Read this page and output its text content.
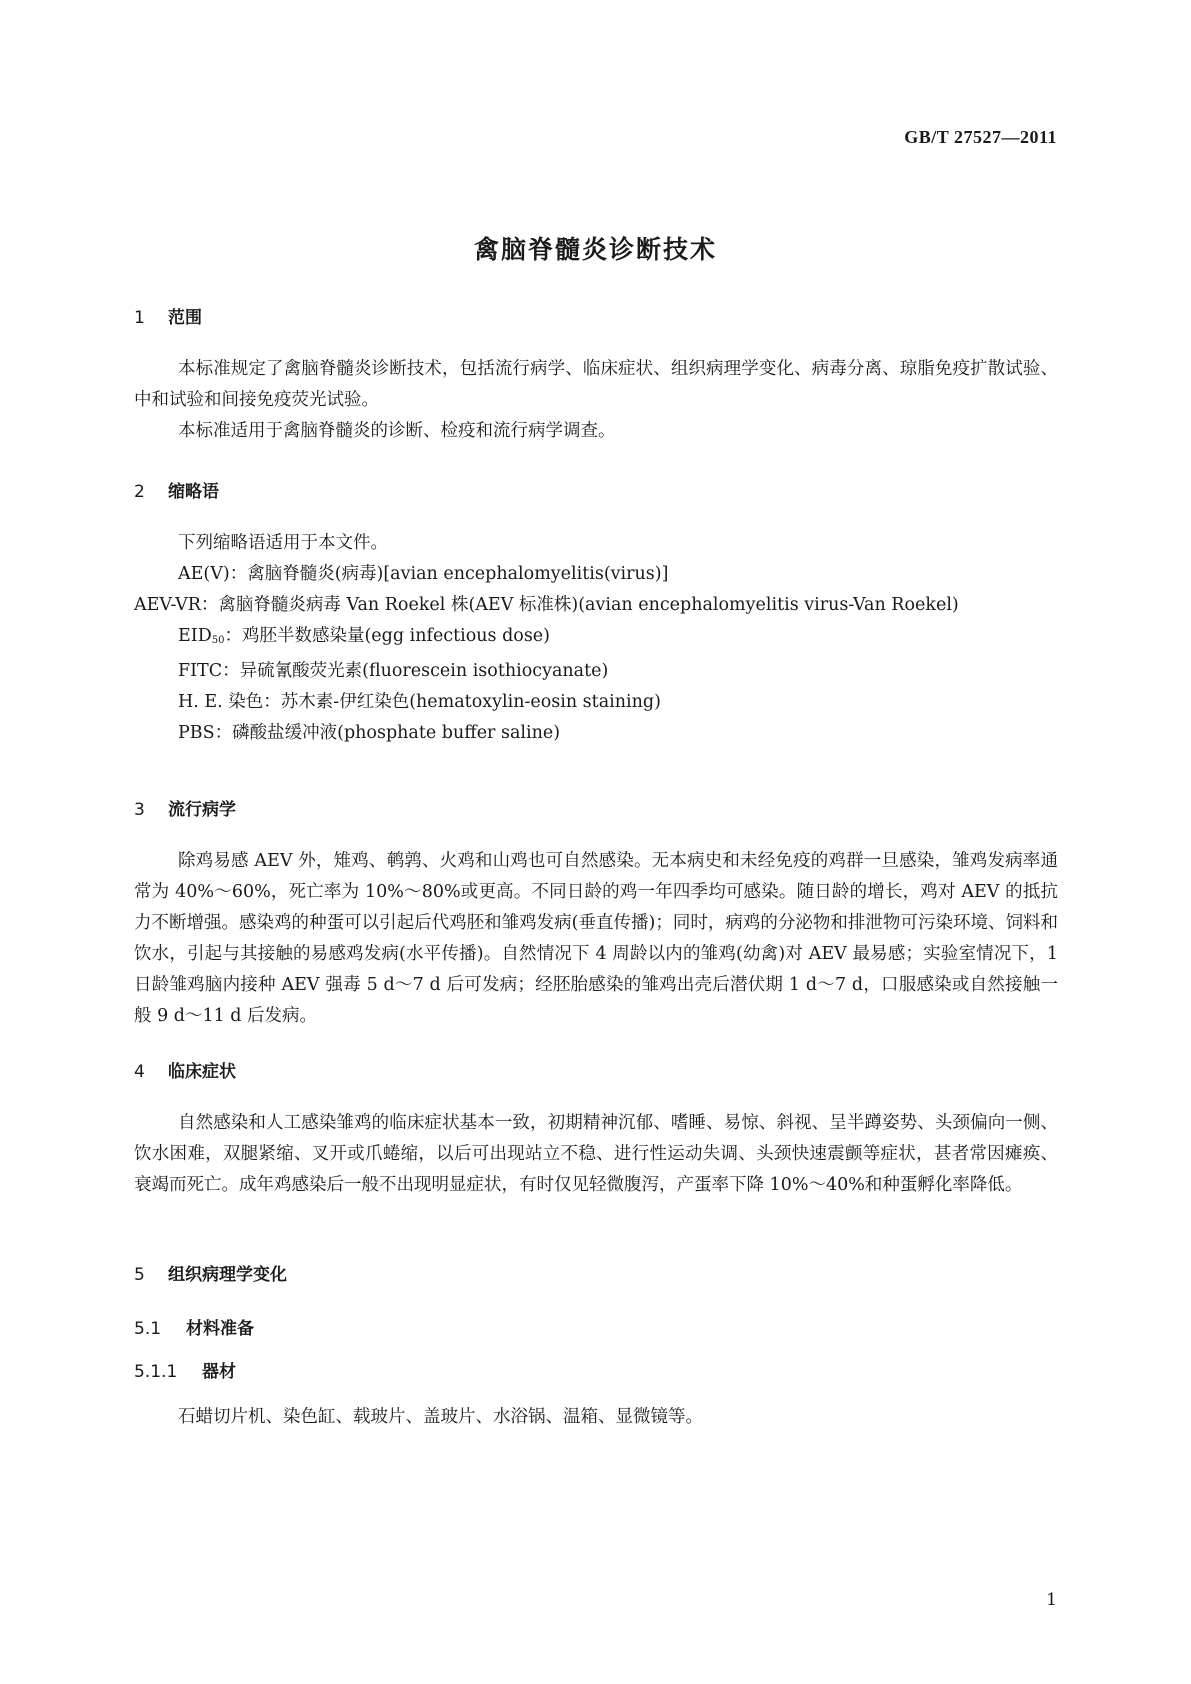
GB/T 27527—2011
禽脑脊髓炎诊断技术
1 范围

本标准规定了禽脑脊髓炎诊断技术，包括流行病学、临床症状、组织病理学变化、病毒分离、琼脂免疫扩散试验、中和试验和间接免疫荧光试验。

本标准适用于禽脑脊髓炎的诊断、检疫和流行病学调查。

2 缩略语
下列缩略语适用于本文件。
AE(V)：禽脑脊髓炎(病毒)[avian encephalomyelitis(virus)]
AEV-VR：禽脑脊髓炎病毒 Van Roekel 株(AEV 标准株)(avian encephalomyelitis virus-Van Roekel)
$EID_{50}$：鸡胚半数感染量(egg infectious dose)
FITC：异硫氰酸荧光素(fluorescein isothiocyanate)
H. E. 染色：苏木素-伊红染色(hematoxylin-eosin staining)
PBS：磷酸盐缓冲液(phosphate buffer saline)
3 流行病学

除鸡易感 AEV 外，雉鸡、鹌鹑、火鸡和山鸡也可自然感染。无本病史和未经免疫的鸡群一旦感染，雏鸡发病率通常为 40%～60%，死亡率为 10%～80%或更高。不同日龄的鸡一年四季均可感染。随日龄的增长，鸡对 AEV 的抵抗力不断增强。感染鸡的种蛋可以引起后代鸡胚和雏鸡发病(垂直传播)；同时，病鸡的分泌物和排泄物可污染环境、饲料和饮水，引起与其接触的易感鸡发病(水平传播)。自然情况下 4 周龄以内的雏鸡(幼禽)对 AEV 最易感；实验室情况下，1 日龄雏鸡脑内接种 AEV 强毒 5 d～7 d 后可发病；经胚胎感染的雏鸡出壳后潜伏期 1 d～7 d，口服感染或自然接触一般 9 d～11 d 后发病。

4 临床症状

自然感染和人工感染雏鸡的临床症状基本一致，初期精神沉郁、嗜睡、易惊、斜视、呈半蹲姿势、头颈偏向一侧、饮水困难，双腿紧缩、叉开或爪蜷缩，以后可出现站立不稳、进行性运动失调、头颈快速震颤等症状，甚者常因瘫痪、衰竭而死亡。成年鸡感染后一般不出现明显症状，有时仅见轻微腹泻，产蛋率下降 10%～40%和种蛋孵化率降低。

5 组织病理学变化
5.1 材料准备
5.1.1 器材

石蜡切片机、染色缸、载玻片、盖玻片、水浴锅、温箱、显微镜等。

1
